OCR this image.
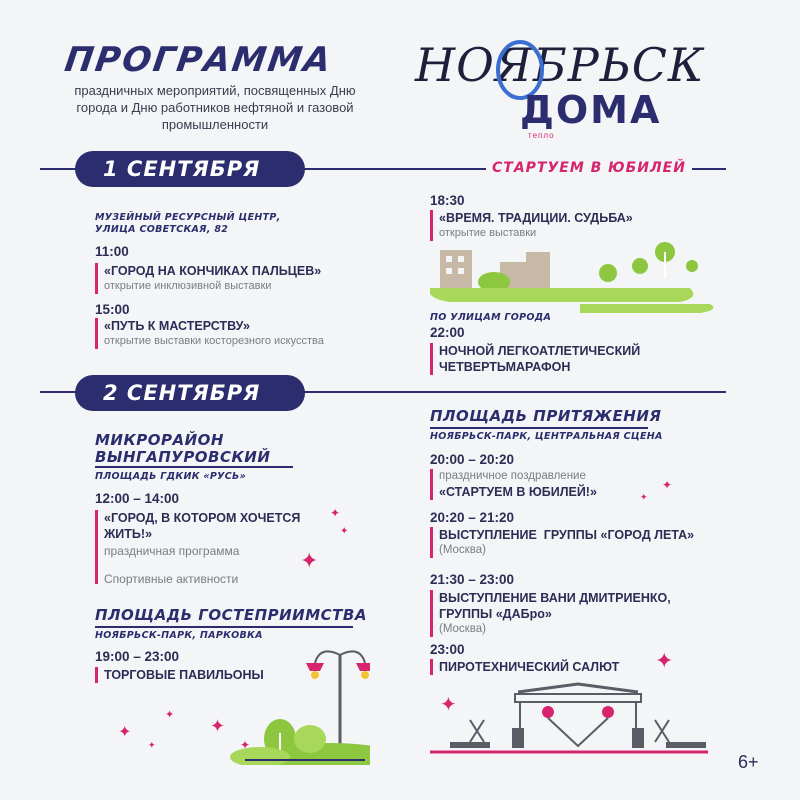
ПРОГРАММА
праздничных мероприятий, посвященных Дню города и Дню работников нефтяной и газовой промышленности
НОЯБРЬСК
ДОМА
тепло
1 СЕНТЯБРЯ	СТАРТУЕМ В ЮБИЛЕЙ
МУЗЕЙНЫЙ РЕСУРСНЫЙ ЦЕНТР,
УЛИЦА СОВЕТСКАЯ, 82
11:00
«ГОРОД НА КОНЧИКАХ ПАЛЬЦЕВ»
открытие инклюзивной выставки
15:00
«ПУТЬ К МАСТЕРСТВУ»
открытие выставки косторезного искусства
18:30
«ВРЕМЯ. ТРАДИЦИИ. СУДЬБА»
открытие выставки
ПО УЛИЦАМ ГОРОДА
22:00
НОЧНОЙ ЛЕГКОАТЛЕТИЧЕСКИЙ
ЧЕТВЕРТЬМАРАФОН
2 СЕНТЯБРЯ
МИКРОРАЙОН
ВЫНГАПУРОВСКИЙ
ПЛОЩАДЬ ГДКИК «РУСЬ»
12:00 – 14:00
«ГОРОД, В КОТОРОМ ХОЧЕТСЯ
ЖИТЬ!»
праздничная программа
Спортивные активности
✦
✦
✦
ПЛОЩАДЬ ГОСТЕПРИИМСТВА
НОЯБРЬСК-ПАРК, ПАРКОВКА
19:00 – 23:00
ТОРГОВЫЕ ПАВИЛЬОНЫ
✦
✦
✦
✦	✦
ПЛОЩАДЬ ПРИТЯЖЕНИЯ
НОЯБРЬСК-ПАРК, ЦЕНТРАЛЬНАЯ СЦЕНА
20:00 – 20:20
праздничное поздравление
«СТАРТУЕМ В ЮБИЛЕЙ!»
20:20 – 21:20
ВЫСТУПЛЕНИЕ  ГРУППЫ «ГОРОД ЛЕТА»
(Москва)
21:30 – 23:00
ВЫСТУПЛЕНИЕ ВАНИ ДМИТРИЕНКО,
ГРУППЫ «ДАБро»
(Москва)
23:00
ПИРОТЕХНИЧЕСКИЙ САЛЮТ
✦
✦
✦
✦
6+
